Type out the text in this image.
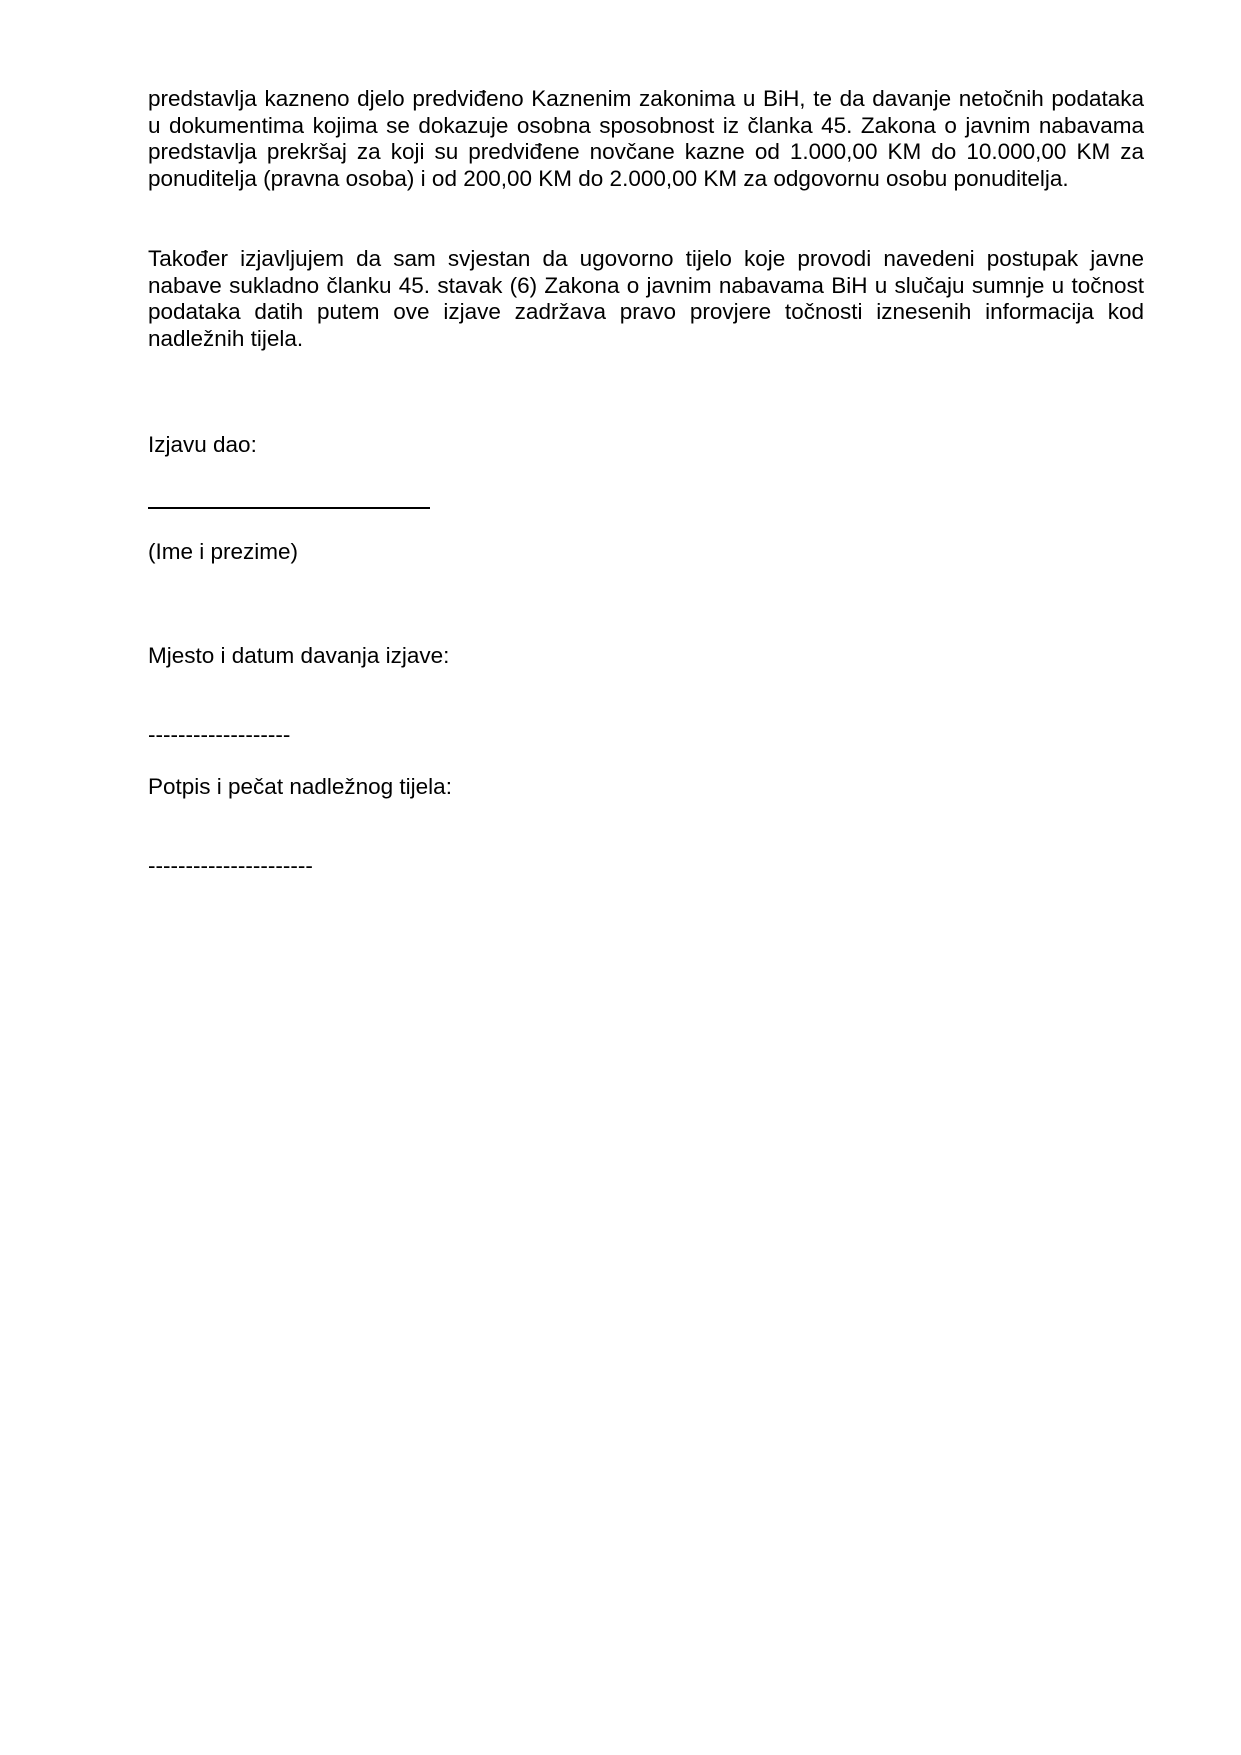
predstavlja kazneno djelo predviđeno Kaznenim zakonima u BiH, te da davanje netočnih podataka u dokumentima kojima se dokazuje osobna sposobnost iz članka 45. Zakona o javnim nabavama predstavlja prekršaj za koji su predviđene novčane kazne od 1.000,00 KM do 10.000,00 KM za ponuditelja (pravna osoba) i od 200,00 KM do 2.000,00 KM za odgovornu osobu ponuditelja.

Također izjavljujem da sam svjestan da ugovorno tijelo koje provodi navedeni postupak javne nabave sukladno članku 45. stavak (6) Zakona o javnim nabavama BiH u slučaju sumnje u točnost podataka datih putem ove izjave zadržava pravo provjere točnosti iznesenih informacija kod nadležnih tijela.

Izjavu dao:

(Ime i prezime)

Mjesto i datum davanja izjave:

-------------------

Potpis i pečat nadležnog tijela:

----------------------
